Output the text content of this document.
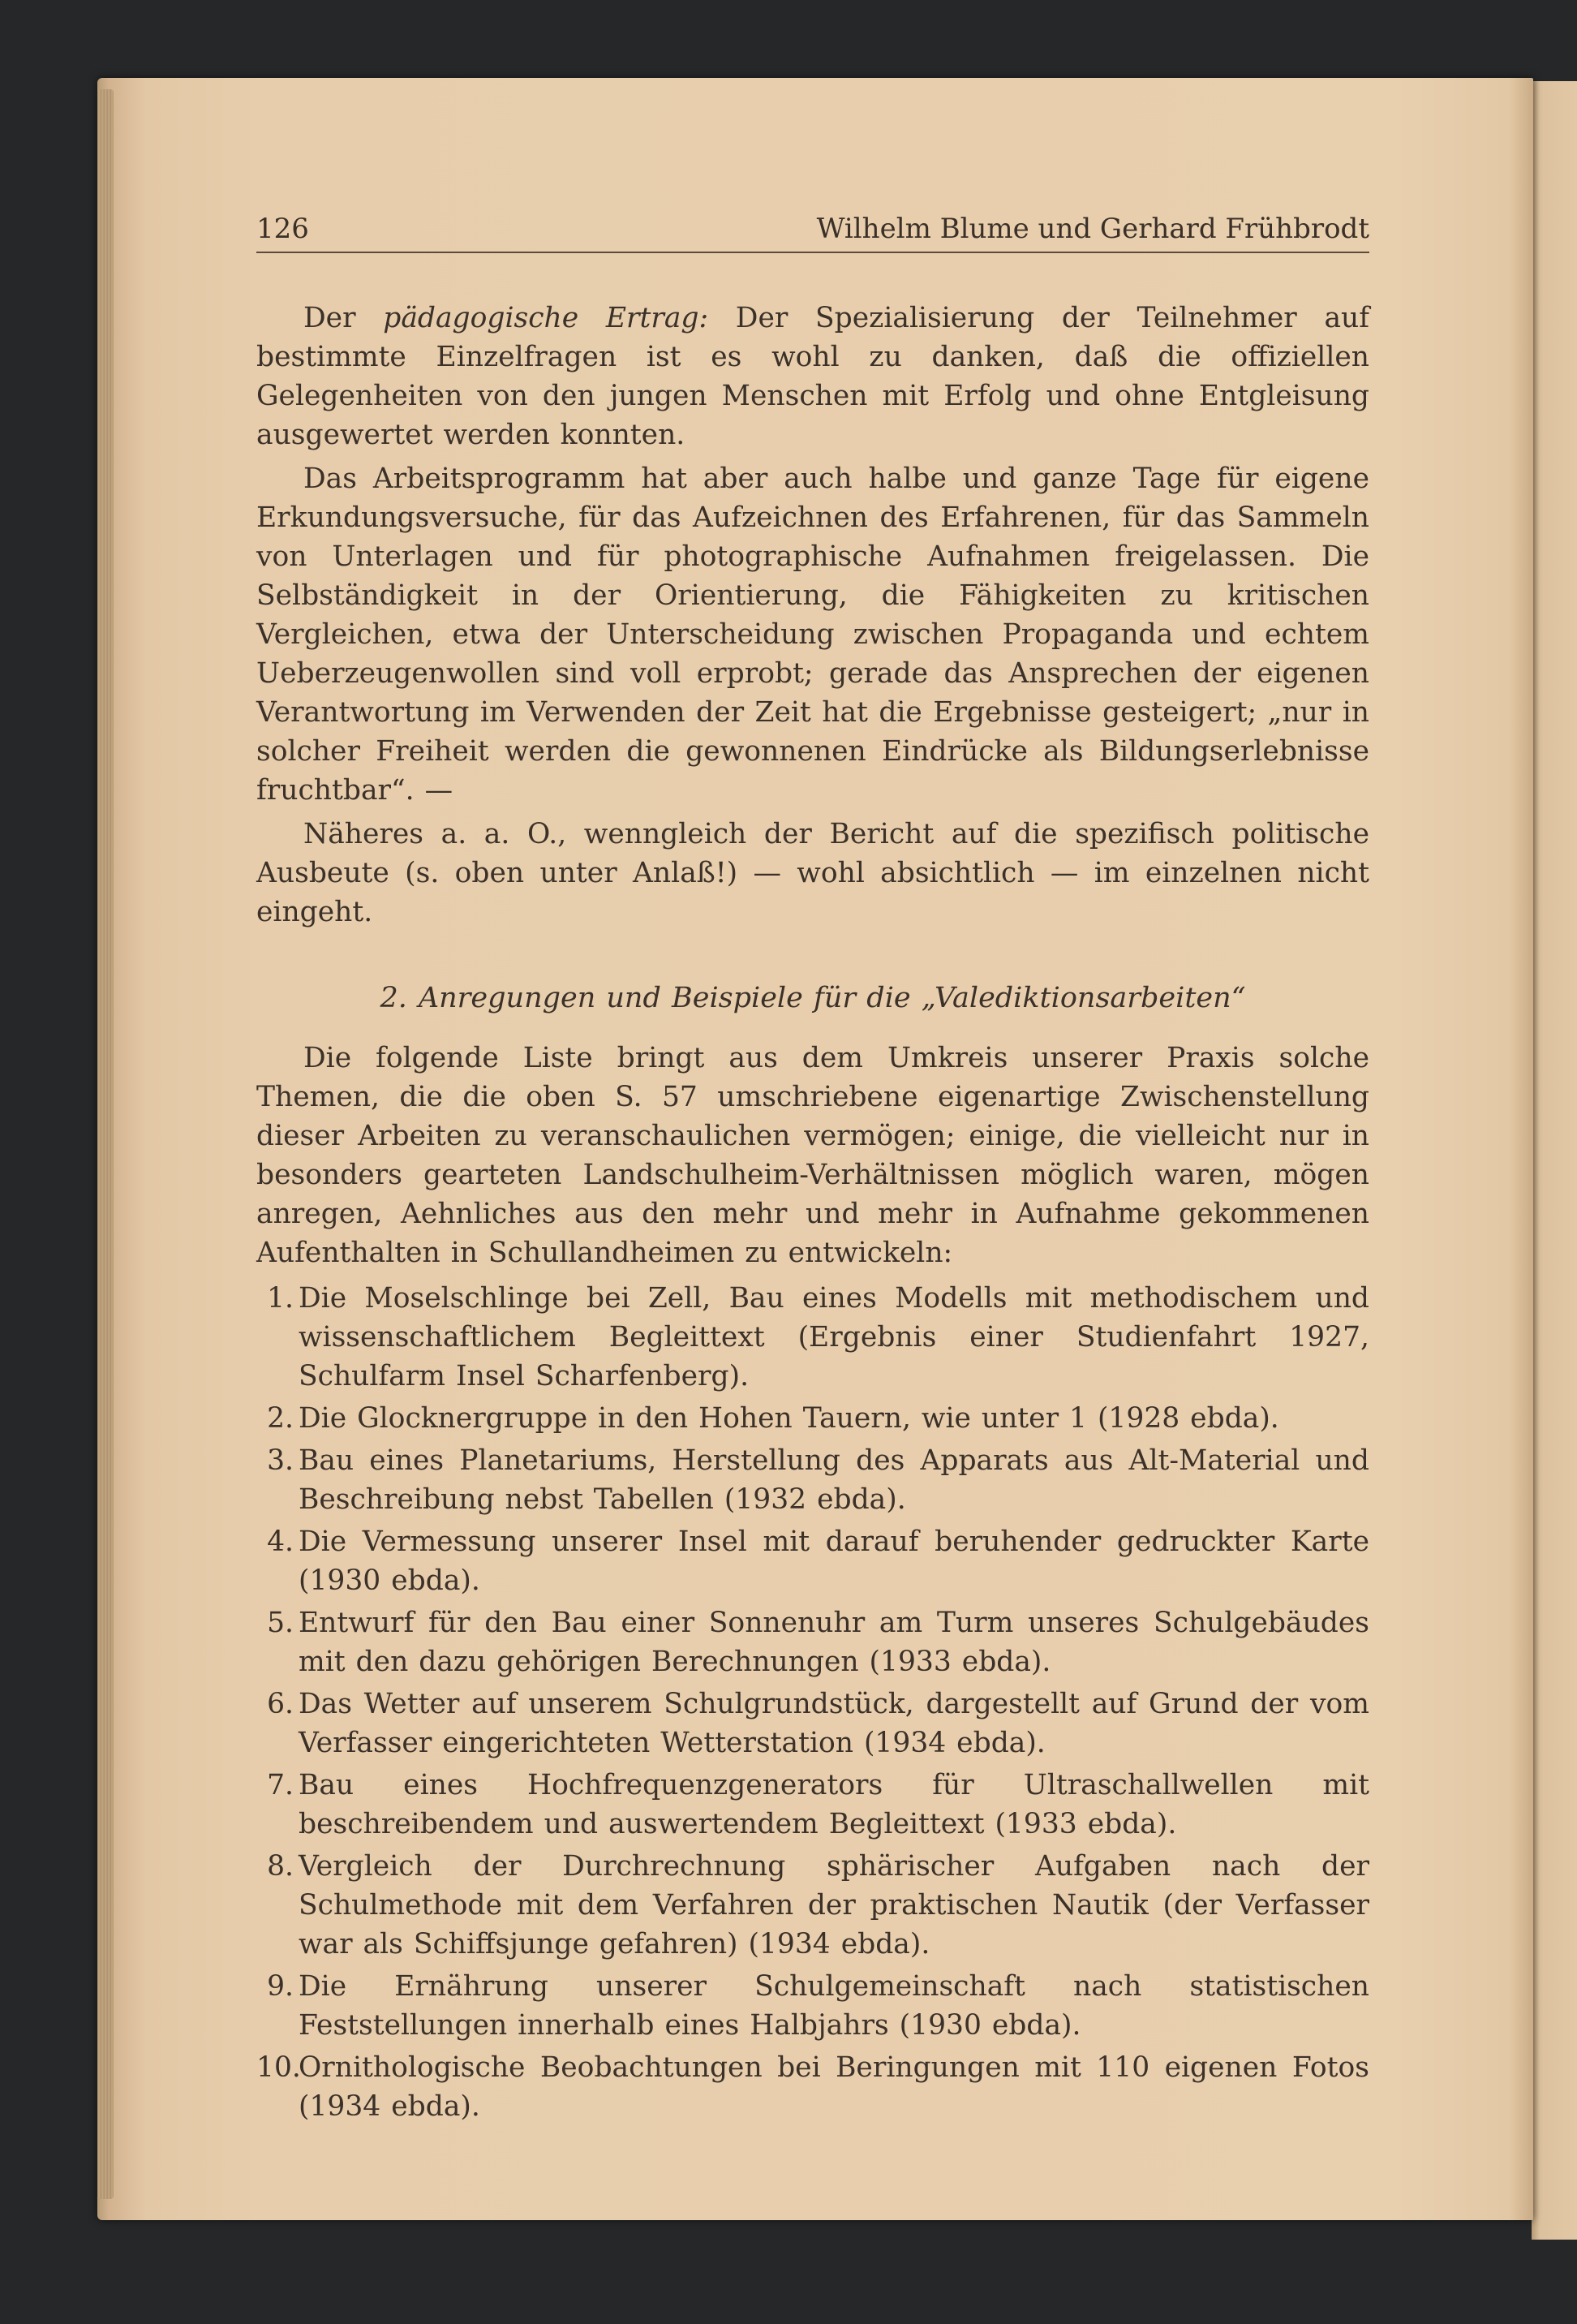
126	Wilhelm Blume und Gerhard Frühbrodt

Der pädagogische Ertrag: Der Spezialisierung der Teilnehmer auf bestimmte Einzelfragen ist es wohl zu danken, daß die offiziellen Gelegenheiten von den jungen Menschen mit Erfolg und ohne Entgleisung ausgewertet werden konnten.

Das Arbeitsprogramm hat aber auch halbe und ganze Tage für eigene Erkundungsversuche, für das Aufzeichnen des Erfahrenen, für das Sammeln von Unterlagen und für photographische Aufnahmen freigelassen. Die Selbständigkeit in der Orientierung, die Fähigkeiten zu kritischen Vergleichen, etwa der Unterscheidung zwischen Propaganda und echtem Ueberzeugenwollen sind voll erprobt; gerade das Ansprechen der eigenen Verantwortung im Verwenden der Zeit hat die Ergebnisse gesteigert; „nur in solcher Freiheit werden die gewonnenen Eindrücke als Bildungserlebnisse fruchtbar“. —

Näheres a. a. O., wenngleich der Bericht auf die spezifisch politische Ausbeute (s. oben unter Anlaß!) — wohl absichtlich — im einzelnen nicht eingeht.

2. Anregungen und Beispiele für die „Valediktionsarbeiten“

Die folgende Liste bringt aus dem Umkreis unserer Praxis solche Themen, die die oben S. 57 umschriebene eigenartige Zwischenstellung dieser Arbeiten zu veranschaulichen vermögen; einige, die vielleicht nur in besonders gearteten Landschulheim-Verhältnissen möglich waren, mögen anregen, Aehnliches aus den mehr und mehr in Aufnahme gekommenen Aufenthalten in Schullandheimen zu entwickeln:

1. Die Moselschlinge bei Zell, Bau eines Modells mit methodischem und wissenschaftlichem Begleittext (Ergebnis einer Studienfahrt 1927, Schulfarm Insel Scharfenberg).
2. Die Glocknergruppe in den Hohen Tauern, wie unter 1 (1928 ebda).
3. Bau eines Planetariums, Herstellung des Apparats aus Alt-Material und Beschreibung nebst Tabellen (1932 ebda).
4. Die Vermessung unserer Insel mit darauf beruhender gedruckter Karte (1930 ebda).
5. Entwurf für den Bau einer Sonnenuhr am Turm unseres Schulgebäudes mit den dazu gehörigen Berechnungen (1933 ebda).
6. Das Wetter auf unserem Schulgrundstück, dargestellt auf Grund der vom Verfasser eingerichteten Wetterstation (1934 ebda).
7. Bau eines Hochfrequenzgenerators für Ultraschallwellen mit beschreibendem und auswertendem Begleittext (1933 ebda).
8. Vergleich der Durchrechnung sphärischer Aufgaben nach der Schulmethode mit dem Verfahren der praktischen Nautik (der Verfasser war als Schiffsjunge gefahren) (1934 ebda).
9. Die Ernährung unserer Schulgemeinschaft nach statistischen Feststellungen innerhalb eines Halbjahrs (1930 ebda).
10.
Ornithologische Beobachtungen bei Beringungen mit 110 eigenen Fotos (1934 ebda).
